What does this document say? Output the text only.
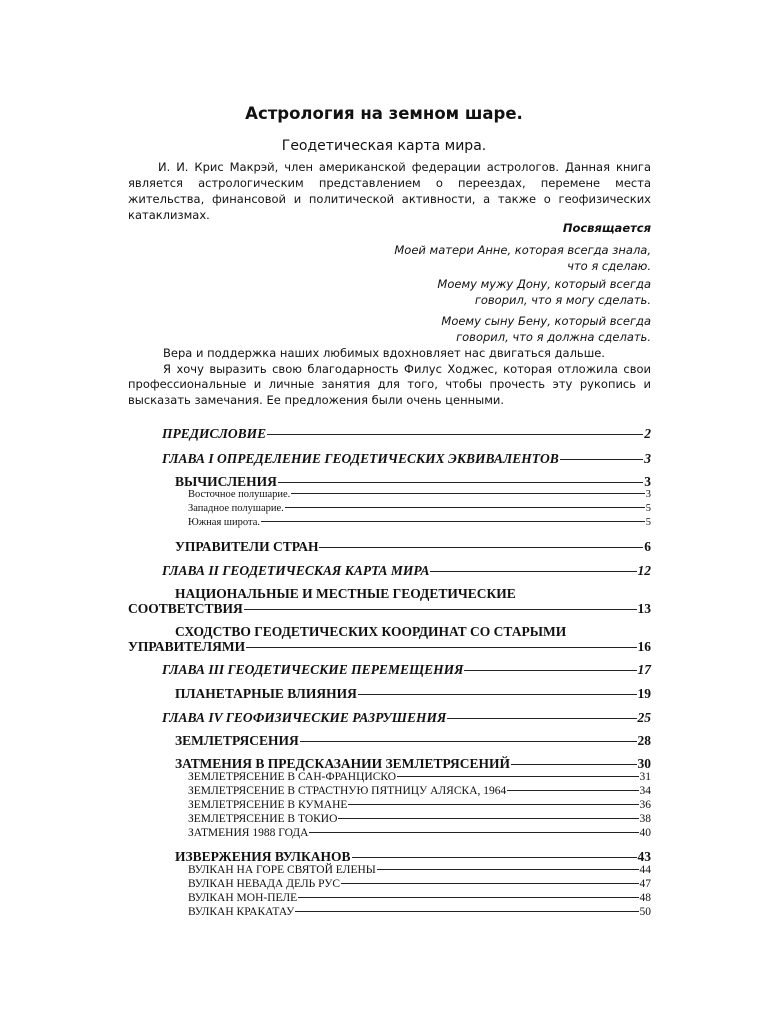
Астрология на земном шаре.
Геодетическая карта мира.

И. И. Крис Макрэй, член американской федерации астрологов. Данная книга является астрологическим представлением о переездах, перемене места жительства, финансовой и политической активности, а также о геофизических катаклизмах.

Посвящается
Моей матери Анне, которая всегда знала,
что я сделаю.
Моему мужу Дону, который всегда
говорил, что я могу сделать.
Моему сыну Бену, который всегда
говорил, что я должна сделать.

Вера и поддержка наших любимых вдохновляет нас двигаться дальше.

Я хочу выразить свою благодарность Филус Ходжес, которая отложила свои профессиональные и личные занятия для того, чтобы прочесть эту рукопись и высказать замечания. Ее предложения были очень ценными.

ПРЕДИСЛОВИЕ	2
ГЛАВА I ОПРЕДЕЛЕНИЕ ГЕОДЕТИЧЕСКИХ ЭКВИВАЛЕНТОВ	3
ВЫЧИСЛЕНИЯ	3
Восточное полушарие.	3
Западное полушарие.	5
Южная широта.	5
УПРАВИТЕЛИ СТРАН	6
ГЛАВА II ГЕОДЕТИЧЕСКАЯ КАРТА МИРА	12
НАЦИОНАЛЬНЫЕ И МЕСТНЫЕ ГЕОДЕТИЧЕСКИЕ
СООТВЕТСТВИЯ	13
СХОДСТВО ГЕОДЕТИЧЕСКИХ КООРДИНАТ СО СТАРЫМИ
УПРАВИТЕЛЯМИ	16
ГЛАВА III ГЕОДЕТИЧЕСКИЕ ПЕРЕМЕЩЕНИЯ	17
ПЛАНЕТАРНЫЕ ВЛИЯНИЯ	19
ГЛАВА IV ГЕОФИЗИЧЕСКИЕ РАЗРУШЕНИЯ	25
ЗЕМЛЕТРЯСЕНИЯ	28
ЗАТМЕНИЯ В ПРЕДСКАЗАНИИ ЗЕМЛЕТРЯСЕНИЙ	30
ЗЕМЛЕТРЯСЕНИЕ В САН-ФРАНЦИСКО	31
ЗЕМЛЕТРЯСЕНИЕ В СТРАСТНУЮ ПЯТНИЦУ АЛЯСКА, 1964	34
ЗЕМЛЕТРЯСЕНИЕ В КУМАНЕ	36
ЗЕМЛЕТРЯСЕНИЕ В ТОКИО	38
ЗАТМЕНИЯ 1988 ГОДА	40
ИЗВЕРЖЕНИЯ ВУЛКАНОВ	43
ВУЛКАН НА ГОРЕ СВЯТОЙ ЕЛЕНЫ	44
ВУЛКАН НЕВАДА ДЕЛЬ РУС	47
ВУЛКАН МОН-ПЕЛЕ	48
ВУЛКАН КРАКАТАУ	50
